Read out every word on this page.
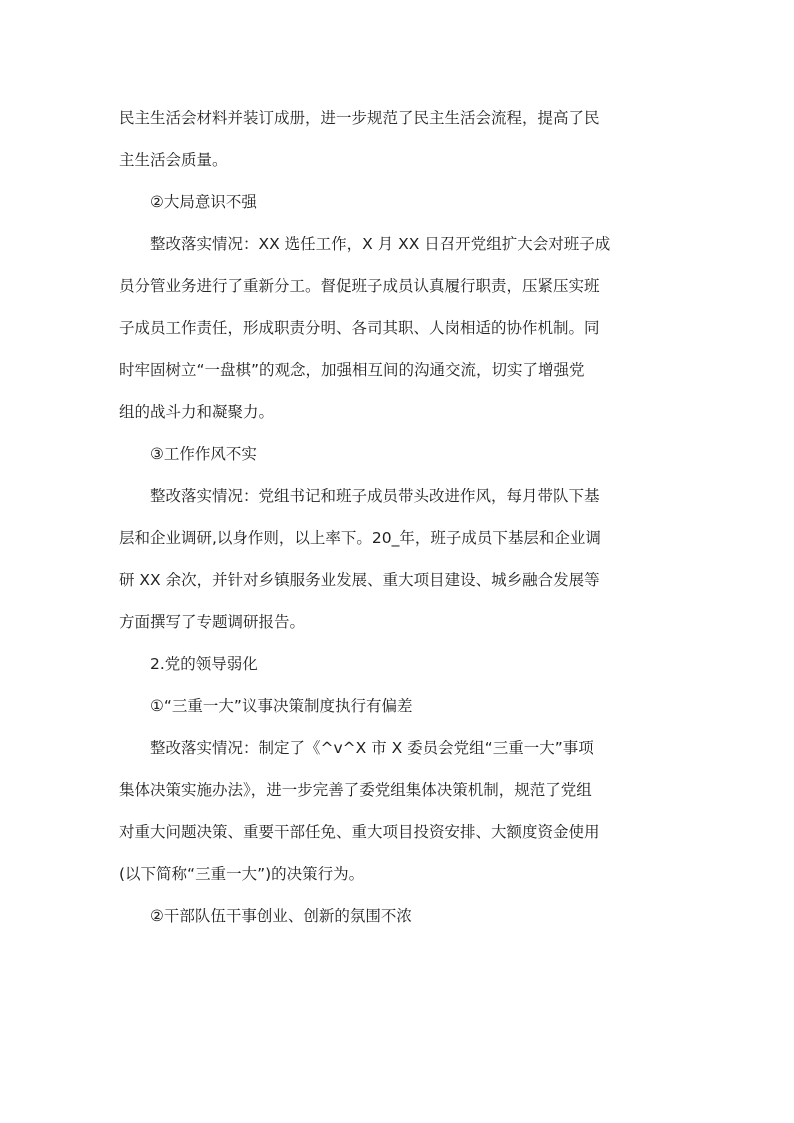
民主生活会材料并装订成册，进一步规范了民主生活会流程，提高了民
主生活会质量。
②大局意识不强
整改落实情况：XX 选任工作，X 月 XX 日召开党组扩大会对班子成
员分管业务进行了重新分工。督促班子成员认真履行职责，压紧压实班
子成员工作责任，形成职责分明、各司其职、人岗相适的协作机制。同
时牢固树立“一盘棋”的观念，加强相互间的沟通交流，切实了增强党
组的战斗力和凝聚力。
③工作作风不实
整改落实情况：党组书记和班子成员带头改进作风，每月带队下基
层和企业调研,以身作则，以上率下。20_年，班子成员下基层和企业调
研 XX 余次，并针对乡镇服务业发展、重大项目建设、城乡融合发展等
方面撰写了专题调研报告。
2.党的领导弱化
①“三重一大”议事决策制度执行有偏差
整改落实情况：制定了《^v^X 市 X 委员会党组“三重一大”事项
集体决策实施办法》，进一步完善了委党组集体决策机制，规范了党组
对重大问题决策、重要干部任免、重大项目投资安排、大额度资金使用
(以下简称“三重一大”)的决策行为。
②干部队伍干事创业、创新的氛围不浓
